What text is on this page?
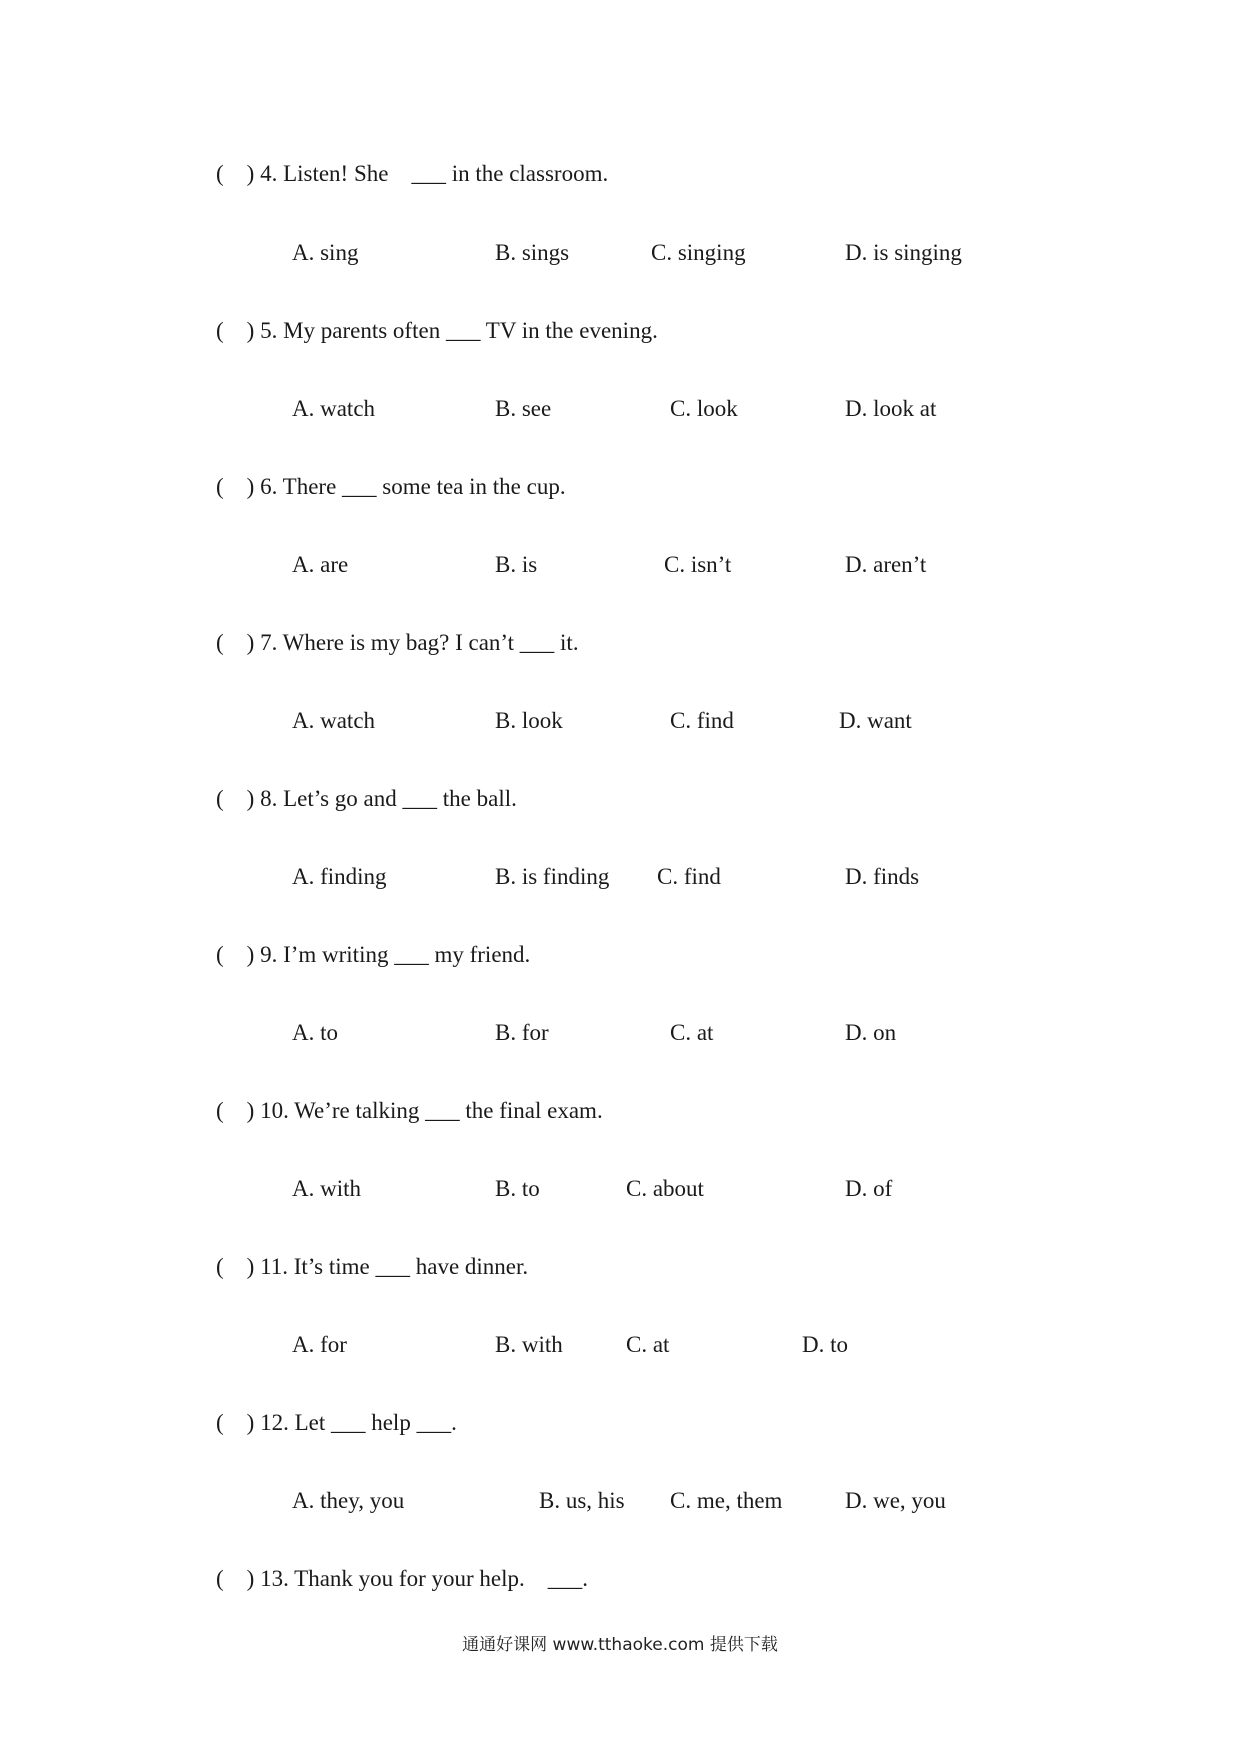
(    ) 4. Listen! She    ___ in the classroom.
A. sing	B. sings	C. singing	D. is singing
(    ) 5. My parents often ___ TV in the evening.
A. watch	B. see	C. look	D. look at
(    ) 6. There ___ some tea in the cup.
A. are	B. is	C. isn’t	D. aren’t
(    ) 7. Where is my bag? I can’t ___ it.
A. watch	B. look	C. find	D. want
(    ) 8. Let’s go and ___ the ball.
A. finding	B. is finding C. find	D. finds
(    ) 9. I’m writing ___ my friend.
A. to	B. for	C. at	D. on
(    ) 10. We’re talking ___ the final exam.
A. with	B. to	C. about	D. of
(    ) 11. It’s time ___ have dinner.
A. for	B. with	C. at	D. to
(    ) 12. Let ___ help ___.
A. they, you	B. us, his C. me, them	D. we, you
(    ) 13. Thank you for your help.    ___.
通通好课网 www.tthaoke.com 提供下载
